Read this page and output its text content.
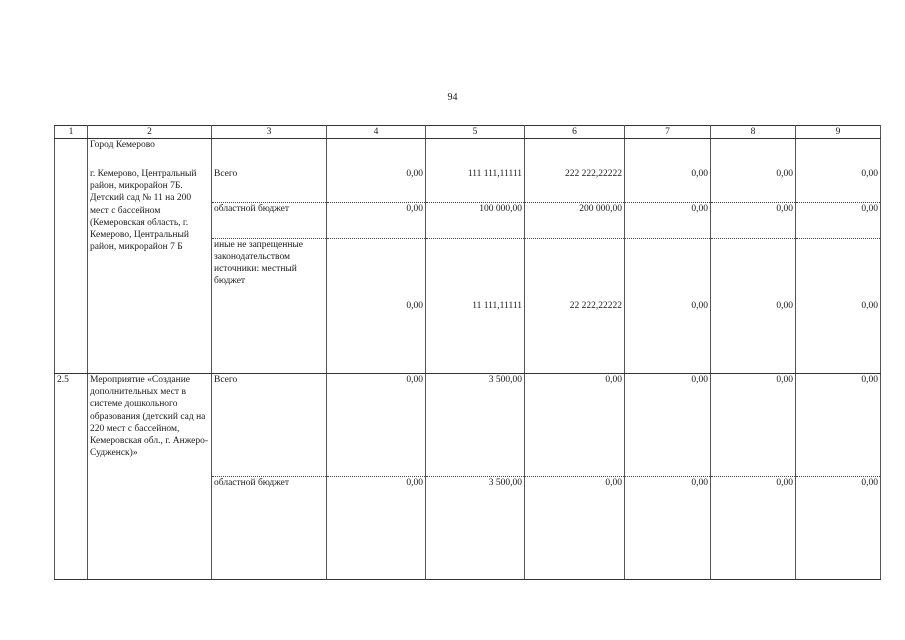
94
1	2	3	4	5	6	7	8	9
	Город Кемерово							
	г. Кемерово, Центральный район, микрорайон 7Б. Детский сад № 11 на 200 мест с бассейном (Кемеровская область, г. Кемерово, Центральный район, микрорайон 7 Б	Всего	0,00	111 111,11111	222 222,22222	0,00	0,00	0,00
		областной бюджет	0,00	100 000,00	200 000,00	0,00	0,00	0,00
		иные не запрещенные законодательством источники: местный бюджет	0,00	11 111,11111	22 222,22222	0,00	0,00	0,00
2.5	Мероприятие «Создание дополнительных мест в системе дошкольного образования (детский сад на 220 мест с бассейном, Кемеровская обл., г. Анжеро-Судженск)»	Всего	0,00	3 500,00	0,00	0,00	0,00	0,00
		областной бюджет	0,00	3 500,00	0,00	0,00	0,00	0,00
